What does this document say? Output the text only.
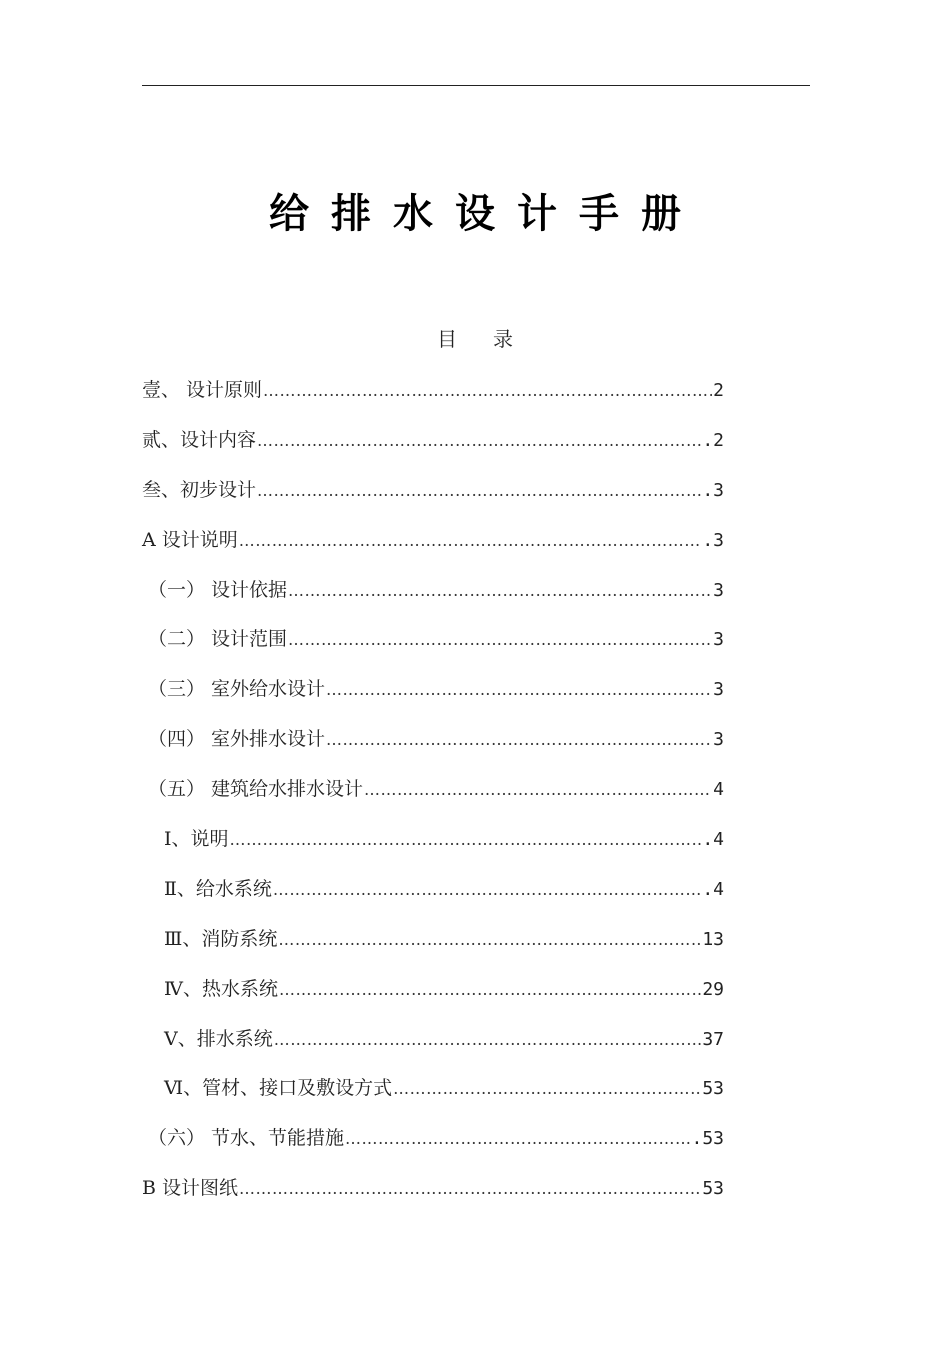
给排水设计手册
目录
壹、 设计原则 …………………………………………………………………………………………………………………………………………………………	2
贰、设计内容 …………………………………………………………………………………………………………………………………………………………	.2
叁、初步设计 …………………………………………………………………………………………………………………………………………………………	.3
A 设计说明 …………………………………………………………………………………………………………………………………………………………	.3
（一） 设计依据 …………………………………………………………………………………………………………………………………………………………	3
（二） 设计范围 …………………………………………………………………………………………………………………………………………………………	3
（三） 室外给水设计 …………………………………………………………………………………………………………………………………………………………	3
（四） 室外排水设计 …………………………………………………………………………………………………………………………………………………………	3
（五） 建筑给水排水设计 …………………………………………………………………………………………………………………………………………………………	4
Ⅰ、说明 …………………………………………………………………………………………………………………………………………………………	.4
Ⅱ、给水系统 …………………………………………………………………………………………………………………………………………………………	.4
Ⅲ、消防系统 …………………………………………………………………………………………………………………………………………………………	13
Ⅳ、热水系统 …………………………………………………………………………………………………………………………………………………………	29
Ⅴ、排水系统 …………………………………………………………………………………………………………………………………………………………	37
Ⅵ、管材、接口及敷设方式 …………………………………………………………………………………………………………………………………………………………	53
（六） 节水、节能措施 …………………………………………………………………………………………………………………………………………………………	.53
B 设计图纸 …………………………………………………………………………………………………………………………………………………………	53
